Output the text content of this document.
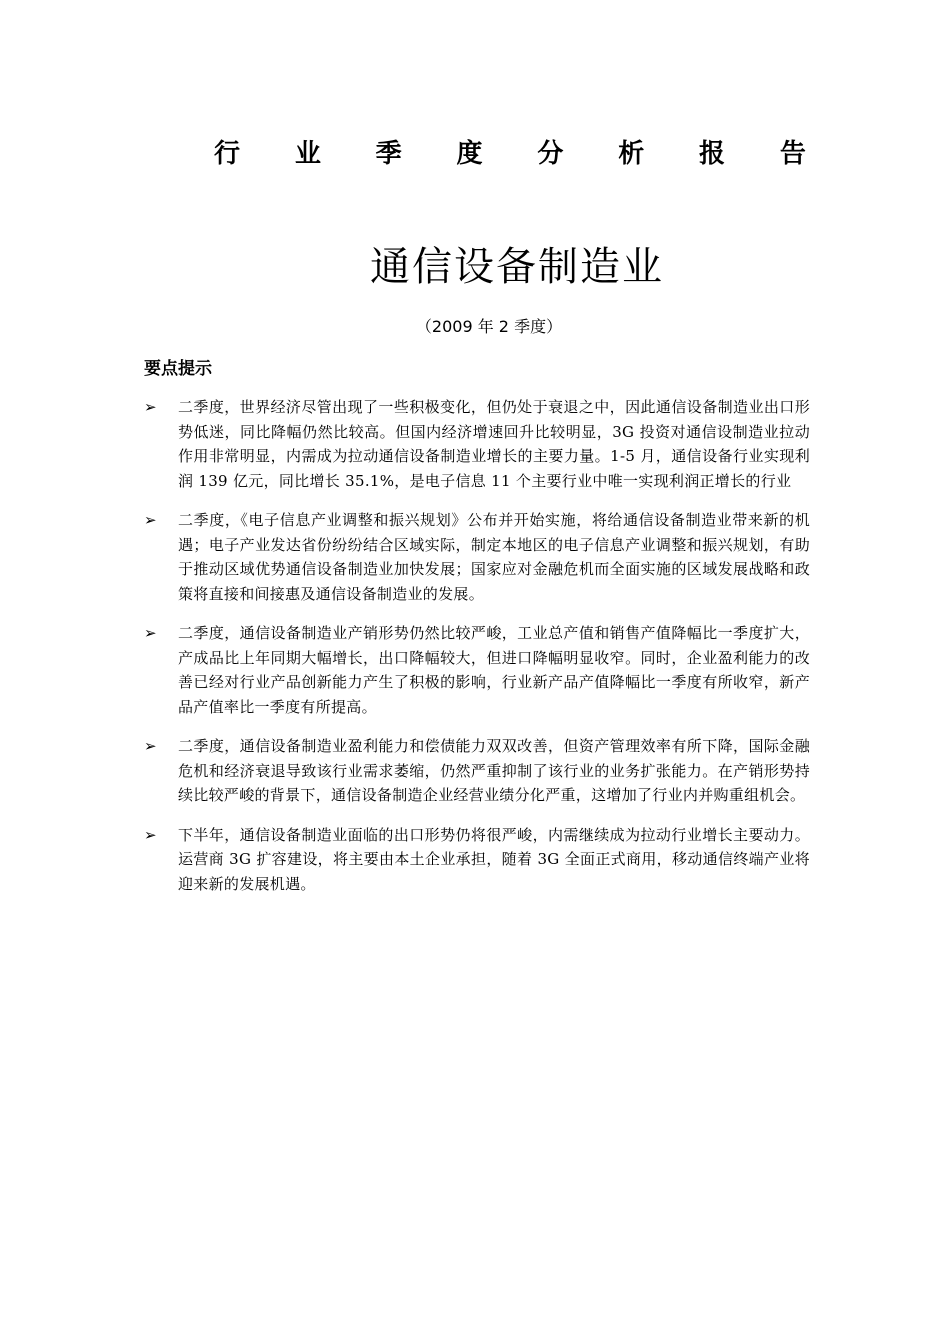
行 业 季 度 分 析 报 告
通信设备制造业
（2009 年 2 季度）
要点提示
➢	二季度，世界经济尽管出现了一些积极变化，但仍处于衰退之中，因此通信设备制造业出口形势低迷，同比降幅仍然比较高。但国内经济增速回升比较明显，3G 投资对通信设制造业拉动作用非常明显，内需成为拉动通信设备制造业增长的主要力量。1-5 月，通信设备行业实现利润 139 亿元，同比增长 35.1%，是电子信息 11 个主要行业中唯一实现利润正增长的行业
➢	二季度，《电子信息产业调整和振兴规划》公布并开始实施，将给通信设备制造业带来新的机遇；电子产业发达省份纷纷结合区域实际，制定本地区的电子信息产业调整和振兴规划，有助于推动区域优势通信设备制造业加快发展；国家应对金融危机而全面实施的区域发展战略和政策将直接和间接惠及通信设备制造业的发展。
➢	二季度，通信设备制造业产销形势仍然比较严峻，工业总产值和销售产值降幅比一季度扩大，产成品比上年同期大幅增长，出口降幅较大，但进口降幅明显收窄。同时，企业盈利能力的改善已经对行业产品创新能力产生了积极的影响，行业新产品产值降幅比一季度有所收窄，新产品产值率比一季度有所提高。
➢	二季度，通信设备制造业盈利能力和偿债能力双双改善，但资产管理效率有所下降，国际金融危机和经济衰退导致该行业需求萎缩，仍然严重抑制了该行业的业务扩张能力。在产销形势持续比较严峻的背景下，通信设备制造企业经营业绩分化严重，这增加了行业内并购重组机会。
➢	下半年，通信设备制造业面临的出口形势仍将很严峻，内需继续成为拉动行业增长主要动力。运营商 3G 扩容建设，将主要由本土企业承担，随着 3G 全面正式商用，移动通信终端产业将迎来新的发展机遇。
